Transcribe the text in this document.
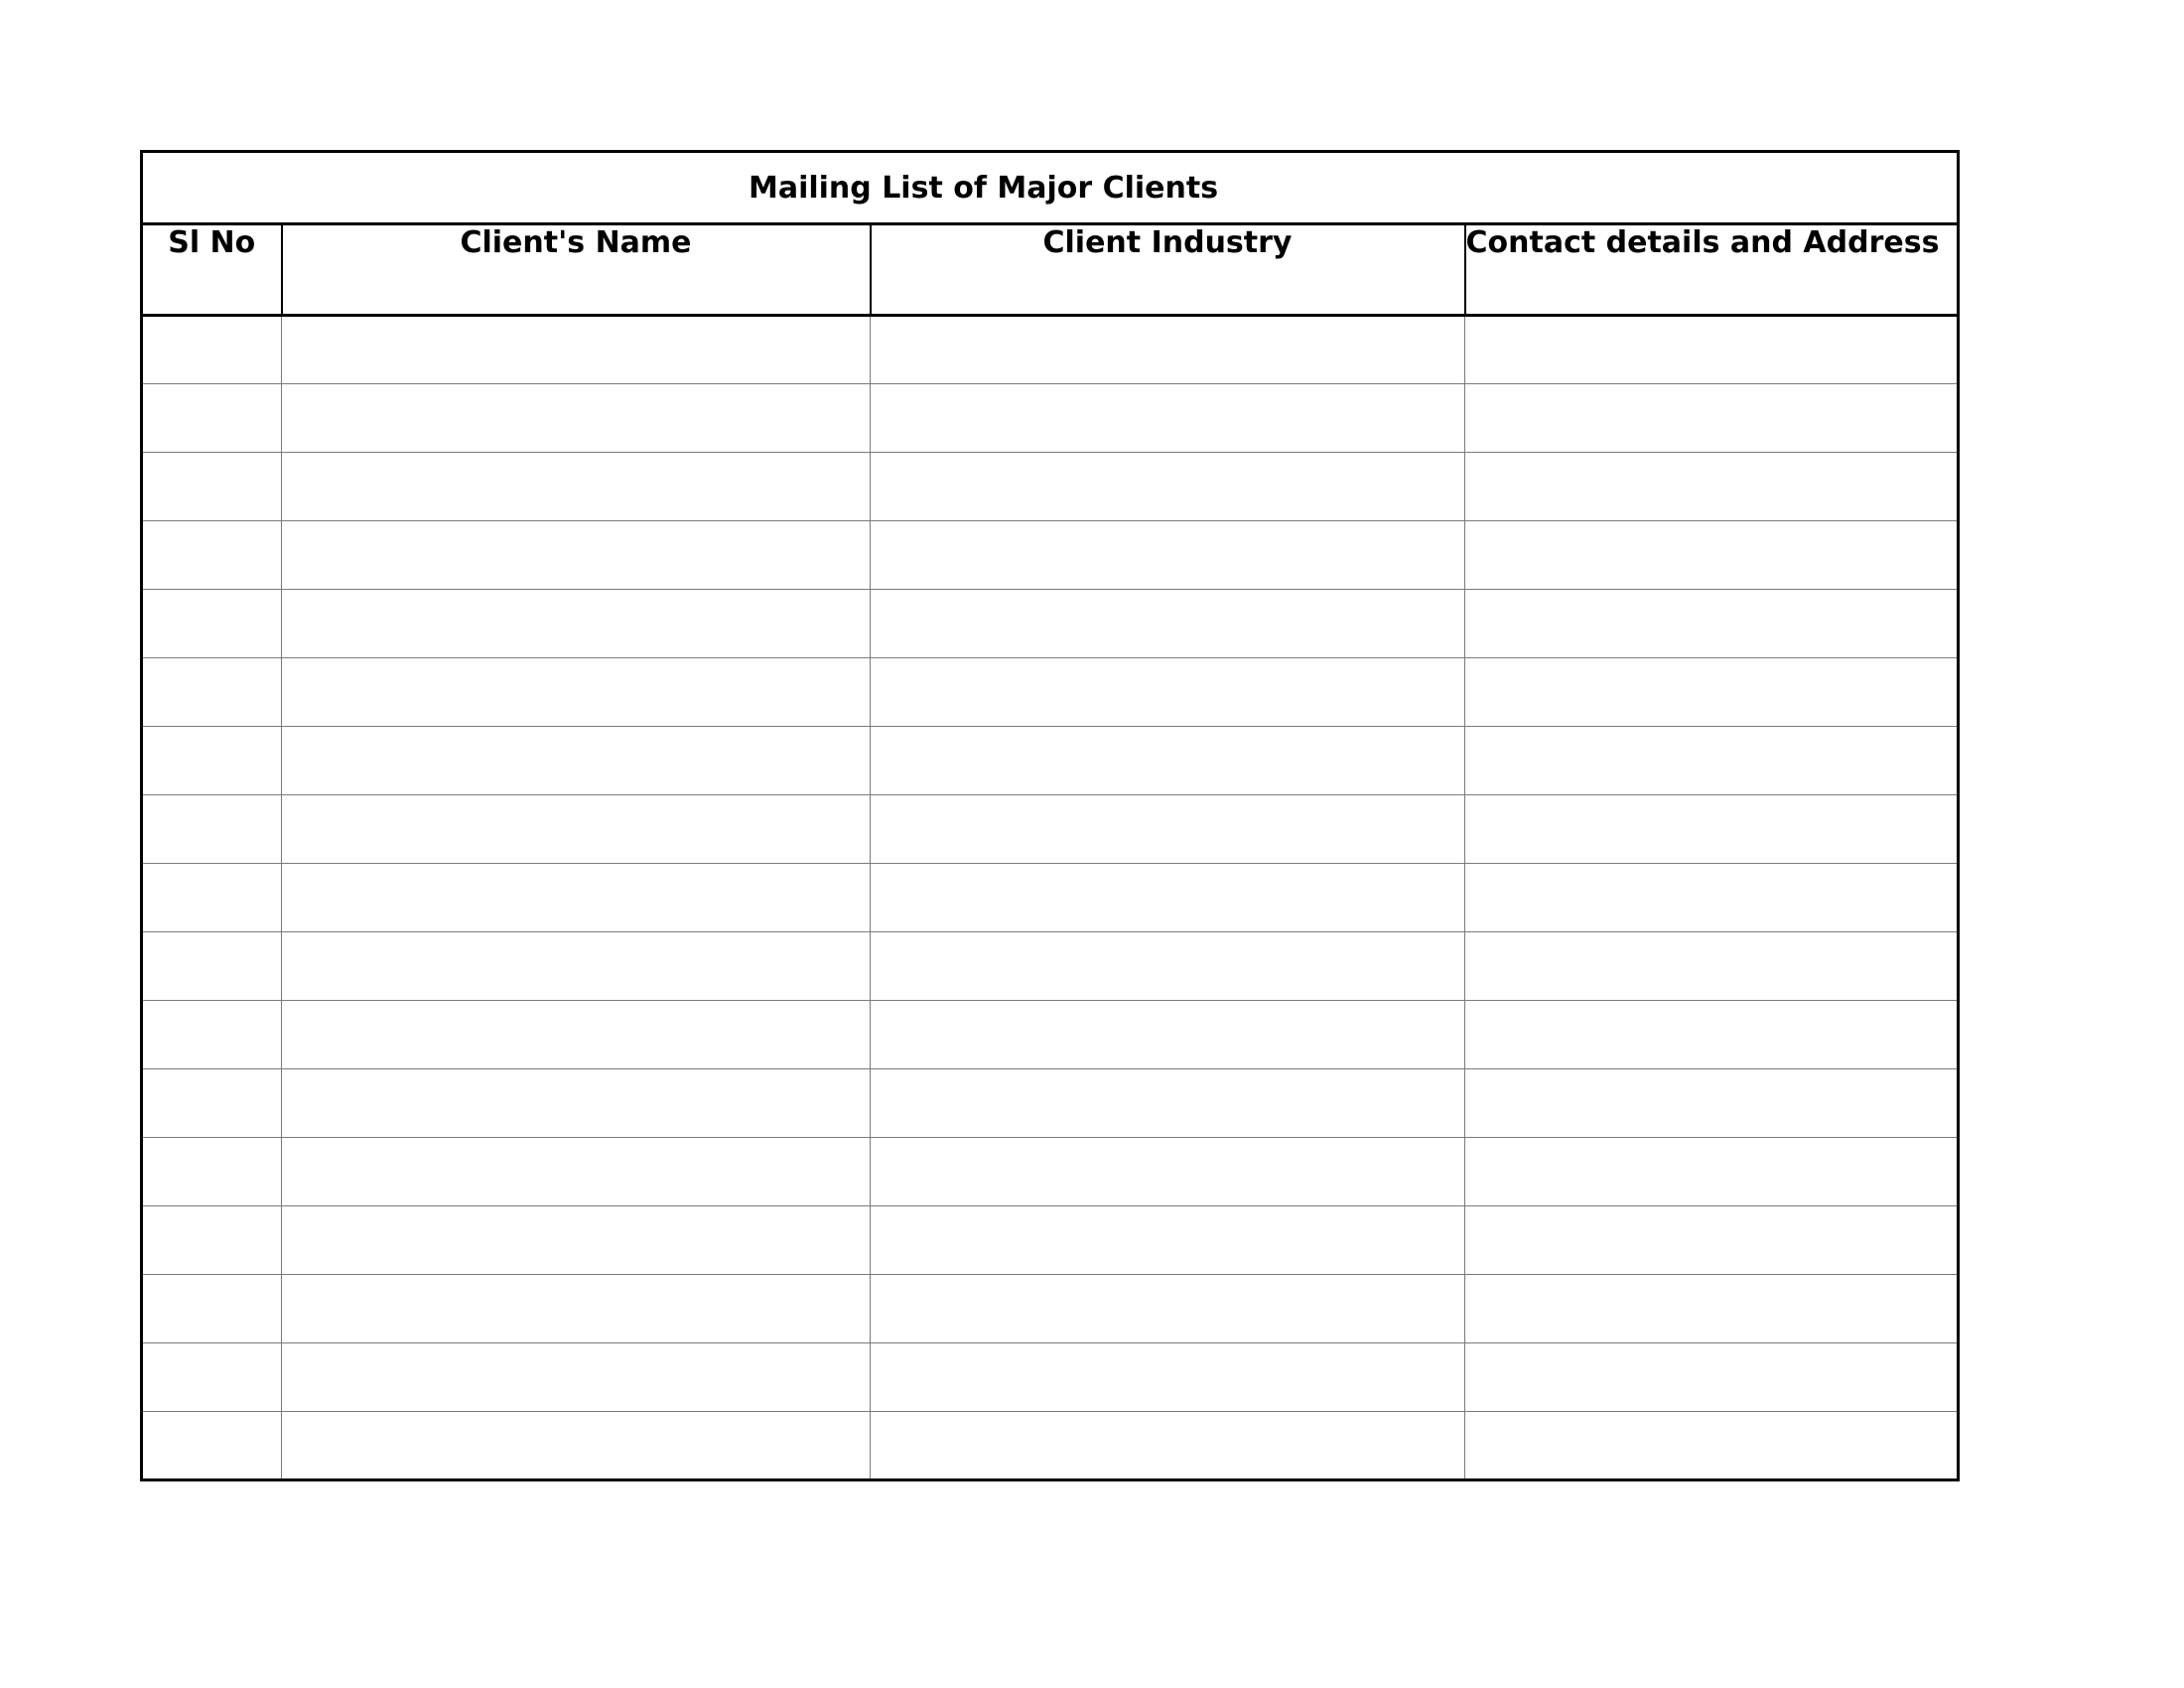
Mailing List of Major Clients			
Sl No	Client's Name	Client Industry	Contact details and Address
